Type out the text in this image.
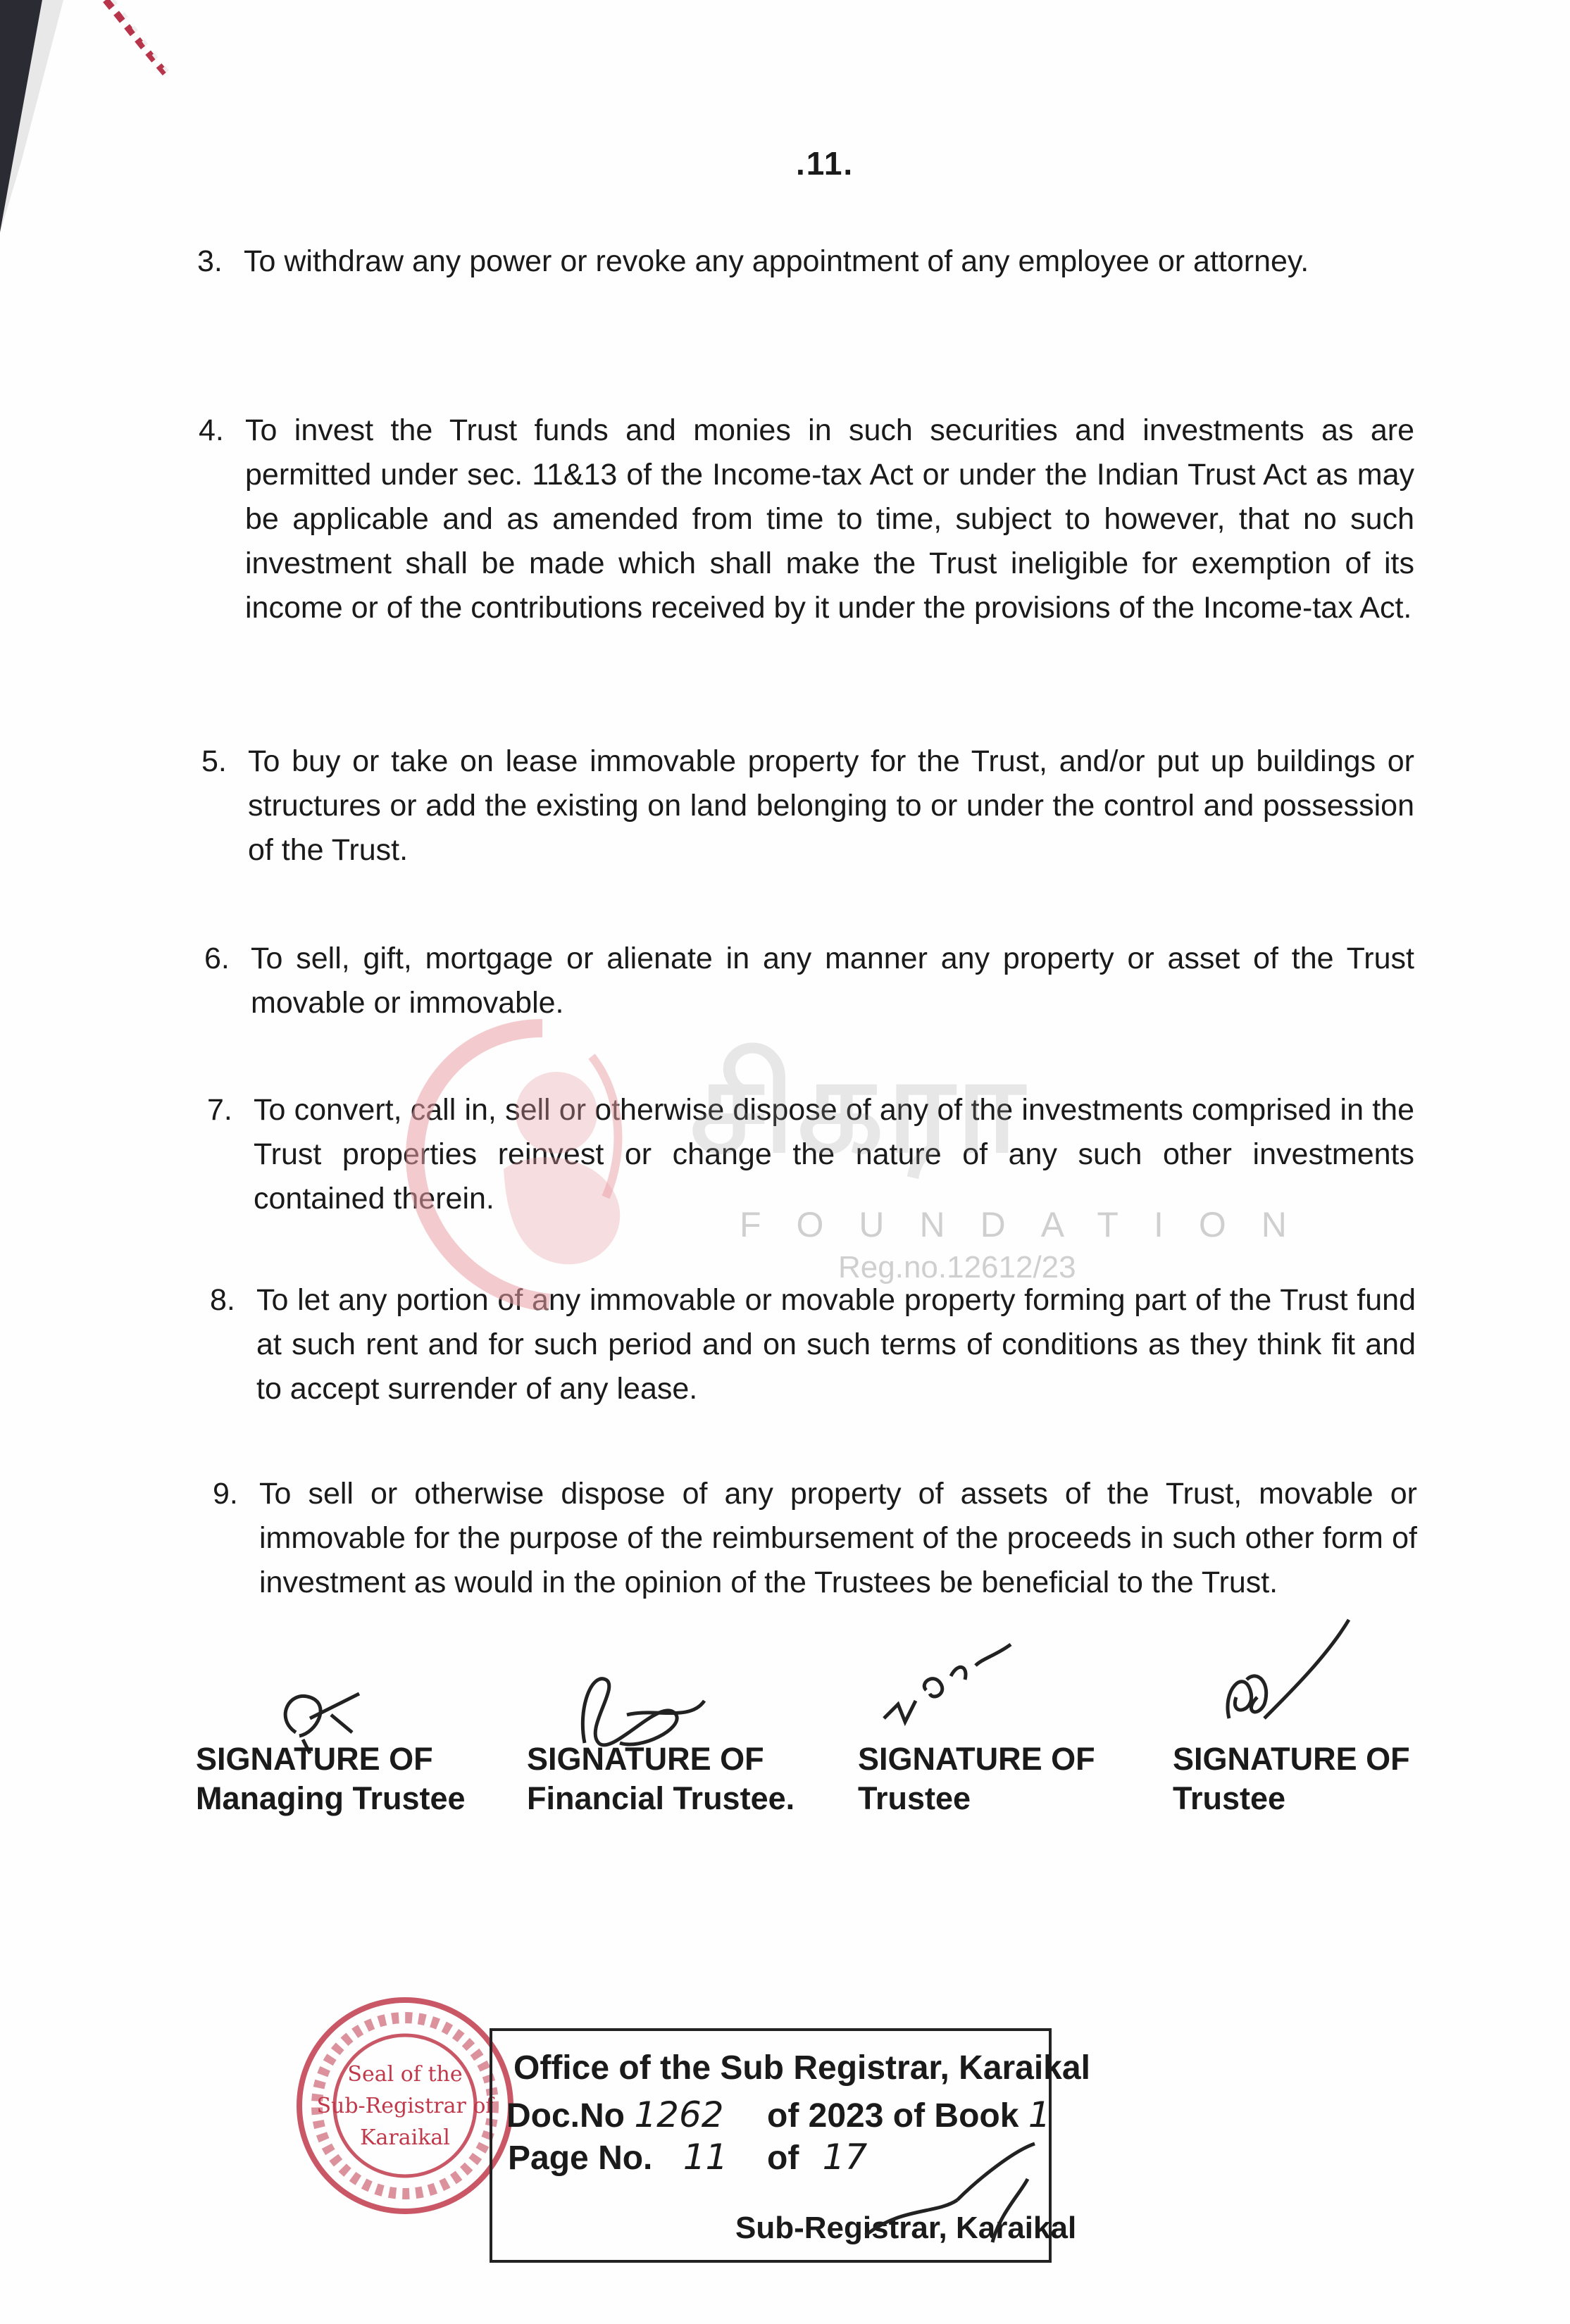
.11.
3. To withdraw any power or revoke any appointment of any employee or attorney.
4. To invest the Trust funds and monies in such securities and investments as are permitted under sec. 11&13 of the Income-tax Act or under the Indian Trust Act as may be applicable and as amended from time to time, subject to however, that no such investment shall be made which shall make the Trust ineligible for exemption of its income or of the contributions received by it under the provisions of the Income-tax Act.
5. To buy or take on lease immovable property for the Trust, and/or put up buildings or structures or add the existing on land belonging to or under the control and possession of the Trust.
6. To sell, gift, mortgage or alienate in any manner any property or asset of the Trust movable or immovable.
7. To convert, call in, sell or otherwise dispose of any of the investments comprised in the Trust properties reinvest or change the nature of any such other investments contained therein.
8. To let any portion of any immovable or movable property forming part of the Trust fund at such rent and for such period and on such terms of conditions as they think fit and to accept surrender of any lease.
9. To sell or otherwise dispose of any property of assets of the Trust, movable or immovable for the purpose of the reimbursement of the proceeds in such other form of investment as would in the opinion of the Trustees be beneficial to the Trust.
சிகரா
FOUNDATION
Reg.no.12612/23
SIGNATURE OF
Managing Trustee
SIGNATURE OF
Financial Trustee.
SIGNATURE OF
Trustee
SIGNATURE OF
Trustee
Seal of the
Sub-Registrar of
Karaikal
Office of the Sub Registrar, Karaikal
Doc.No 1262 of 2023 of Book 1
Page No. 11 of 17
Sub-Registrar, Karaikal
